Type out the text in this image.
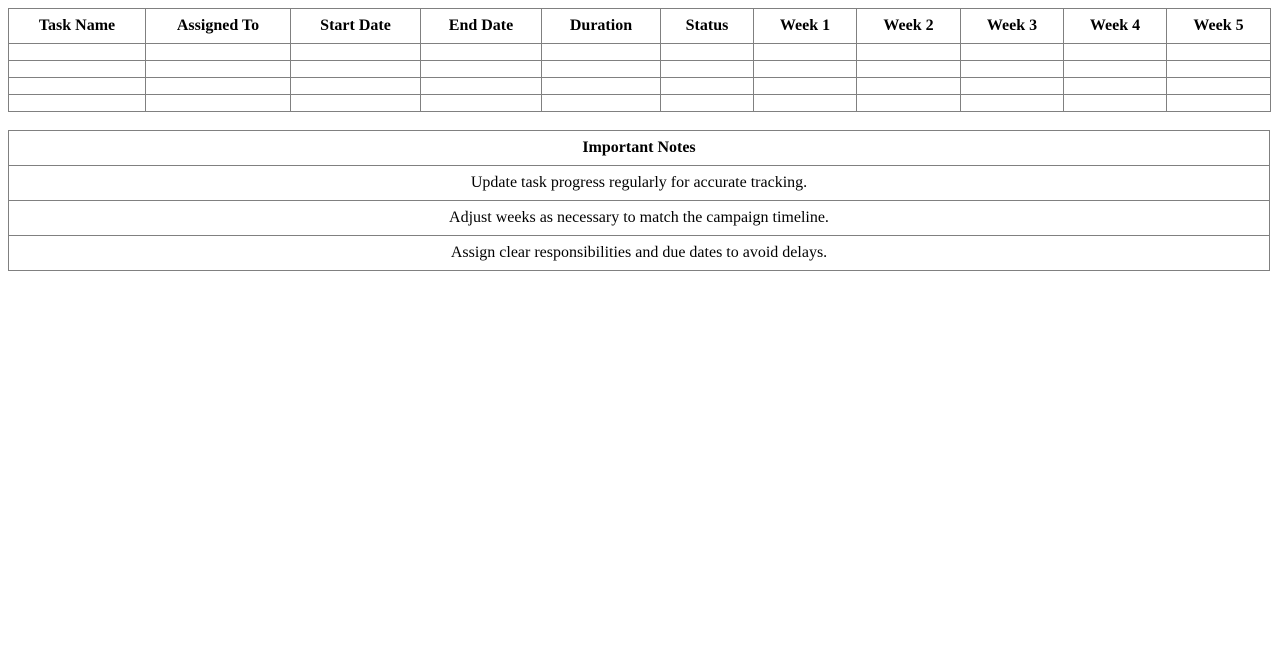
Task Name	Assigned To	Start Date	End Date	Duration	Status	Week 1	Week 2	Week 3	Week 4	Week 5

Important Notes
Update task progress regularly for accurate tracking.
Adjust weeks as necessary to match the campaign timeline.
Assign clear responsibilities and due dates to avoid delays.
